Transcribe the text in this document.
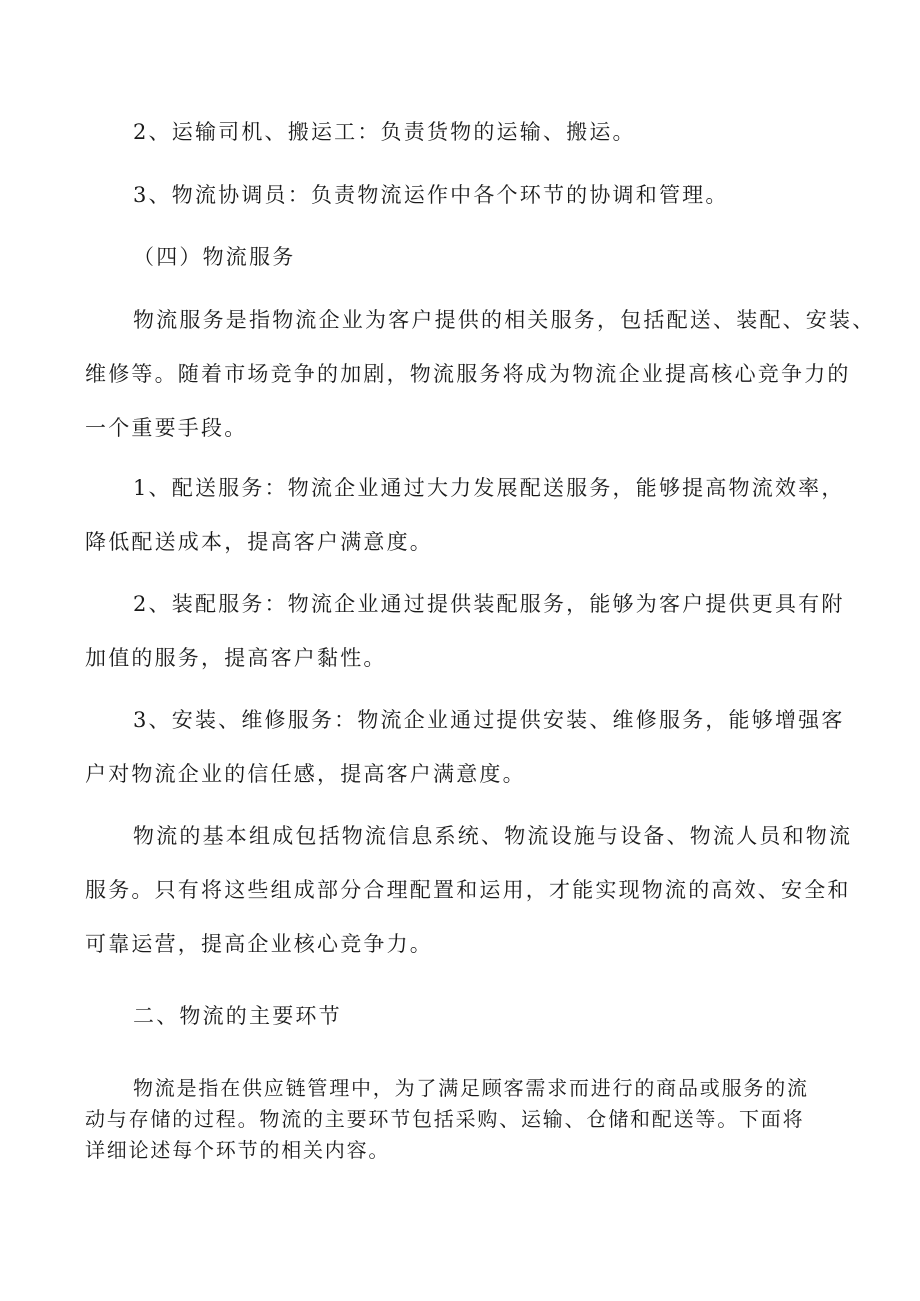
2、运输司机、搬运工：负责货物的运输、搬运。
3、物流协调员：负责物流运作中各个环节的协调和管理。
（四）物流服务
物流服务是指物流企业为客户提供的相关服务，包括配送、装配、安装、
维修等。随着市场竞争的加剧，物流服务将成为物流企业提高核心竞争力的
一个重要手段。
1、配送服务：物流企业通过大力发展配送服务，能够提高物流效率，
降低配送成本，提高客户满意度。
2、装配服务：物流企业通过提供装配服务，能够为客户提供更具有附
加值的服务，提高客户黏性。
3、安装、维修服务：物流企业通过提供安装、维修服务，能够增强客
户对物流企业的信任感，提高客户满意度。
物流的基本组成包括物流信息系统、物流设施与设备、物流人员和物流
服务。只有将这些组成部分合理配置和运用，才能实现物流的高效、安全和
可靠运营，提高企业核心竞争力。
二、物流的主要环节
物流是指在供应链管理中，为了满足顾客需求而进行的商品或服务的流
动与存储的过程。物流的主要环节包括采购、运输、仓储和配送等。下面将
详细论述每个环节的相关内容。
